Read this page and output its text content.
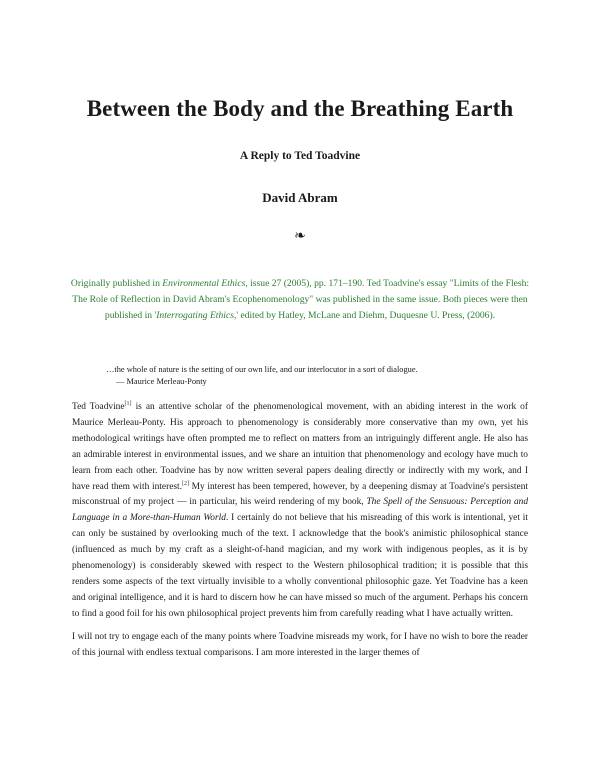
Between the Body and the Breathing Earth
A Reply to Ted Toadvine
David Abram
❧
Originally published in Environmental Ethics, issue 27 (2005), pp. 171–190. Ted Toadvine's essay "Limits of the Flesh: The Role of Reflection in David Abram's Ecophenomenology" was published in the same issue. Both pieces were then published in 'Interrogating Ethics,' edited by Hatley, McLane and Diehm, Duquesne U. Press, (2006).
…the whole of nature is the setting of our own life, and our interlocutor in a sort of dialogue.
— Maurice Merleau-Ponty

Ted Toadvine[1] is an attentive scholar of the phenomenological movement, with an abiding interest in the work of Maurice Merleau-Ponty. His approach to phenomenology is considerably more conservative than my own, yet his methodological writings have often prompted me to reflect on matters from an intriguingly different angle. He also has an admirable interest in environmental issues, and we share an intuition that phenomenology and ecology have much to learn from each other. Toadvine has by now written several papers dealing directly or indirectly with my work, and I have read them with interest.[2] My interest has been tempered, however, by a deepening dismay at Toadvine's persistent misconstrual of my project — in particular, his weird rendering of my book, The Spell of the Sensuous: Perception and Language in a More-than-Human World. I certainly do not believe that his misreading of this work is intentional, yet it can only be sustained by overlooking much of the text. I acknowledge that the book's animistic philosophical stance (influenced as much by my craft as a sleight-of-hand magician, and my work with indigenous peoples, as it is by phenomenology) is considerably skewed with respect to the Western philosophical tradition; it is possible that this renders some aspects of the text virtually invisible to a wholly conventional philosophic gaze. Yet Toadvine has a keen and original intelligence, and it is hard to discern how he can have missed so much of the argument. Perhaps his concern to find a good foil for his own philosophical project prevents him from carefully reading what I have actually written.

I will not try to engage each of the many points where Toadvine misreads my work, for I have no wish to bore the reader of this journal with endless textual comparisons. I am more interested in the larger themes of
